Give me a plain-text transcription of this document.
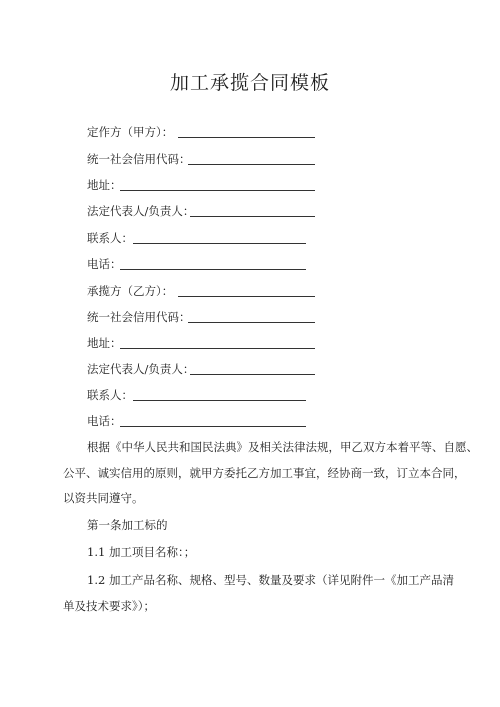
加工承揽合同模板
定作方（甲方）：
统一社会信用代码：
地址：
法定代表人/负责人：
联系人：
电话：
承揽方（乙方）：
统一社会信用代码：
地址：
法定代表人/负责人：
联系人：
电话：
根据《中华人民共和国民法典》及相关法律法规，甲乙双方本着平等、自愿、
公平、诚实信用的原则，就甲方委托乙方加工事宜，经协商一致，订立本合同，
以资共同遵守。
第一条加工标的
1.1 加工项目名称：；
1.2 加工产品名称、规格、型号、数量及要求（详见附件一《加工产品清
单及技术要求》）；
